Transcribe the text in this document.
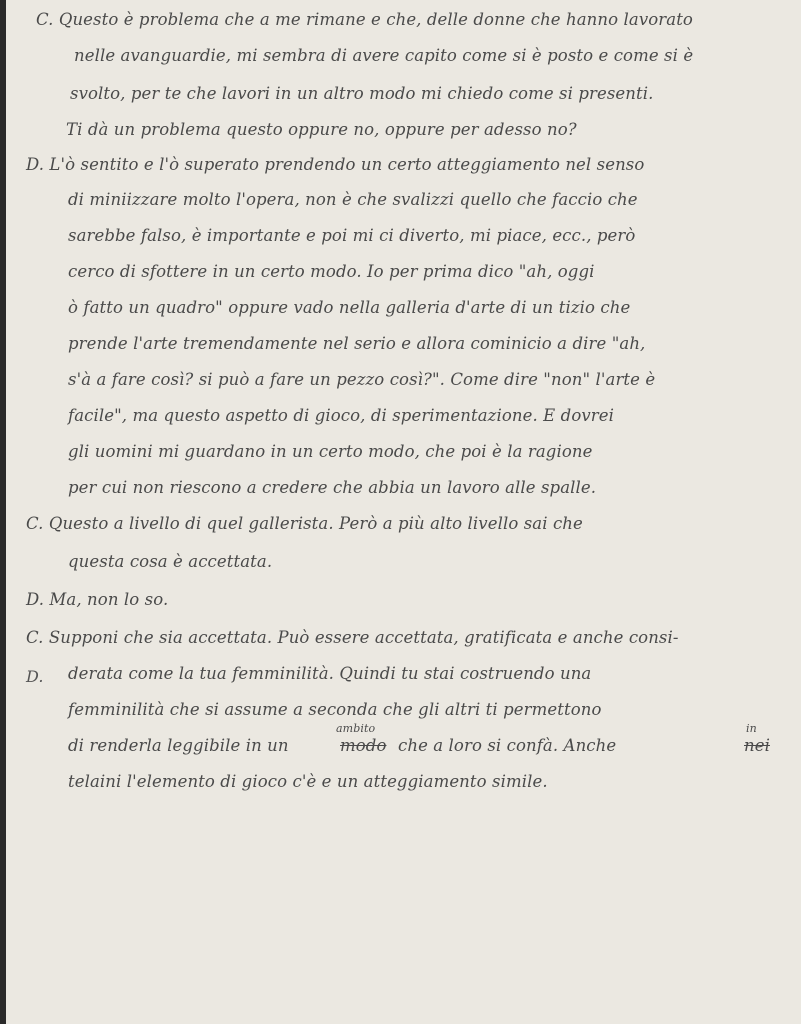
C. Questo è problema che a me rimane e che, delle donne che hanno lavorato
nelle avanguardie, mi sembra di avere capito come si è posto e come si è
svolto, per te che lavori in un altro modo mi chiedo come si presenti.
Ti dà un problema questo oppure no, oppure per adesso no?
D. L'ò sentito e l'ò superato prendendo un certo atteggiamento nel senso
di miniizzare molto l'opera, non è che svalizzi quello che faccio che
sarebbe falso, è importante e poi mi ci diverto, mi piace, ecc., però
cerco di sfottere in un certo modo. Io per prima dico "ah, oggi
ò fatto un quadro" oppure vado nella galleria d'arte di un tizio che
prende l'arte tremendamente nel serio e allora cominicio a dire "ah,
s'à a fare così? si può a fare un pezzo così?". Come dire "non" l'arte è
facile", ma questo aspetto di gioco, di sperimentazione. E dovrei
gli uomini mi guardano in un certo modo, che poi è la ragione
per cui non riescono a credere che abbia un lavoro alle spalle.
C. Questo a livello di quel gallerista. Però a più alto livello sai che
questa cosa è accettata.
D. Ma, non lo so.
C. Supponi che sia accettata. Può essere accettata, gratificata e anche consi-
D. derata come la tua femminilità. Quindi tu stai costruendo una
femminilità che si assume a seconda che gli altri ti permettono
di renderla leggibile in un
ambito
modo che a loro si confà. Anche
in
nei
telaini l'elemento di gioco c'è e un atteggiamento simile.
